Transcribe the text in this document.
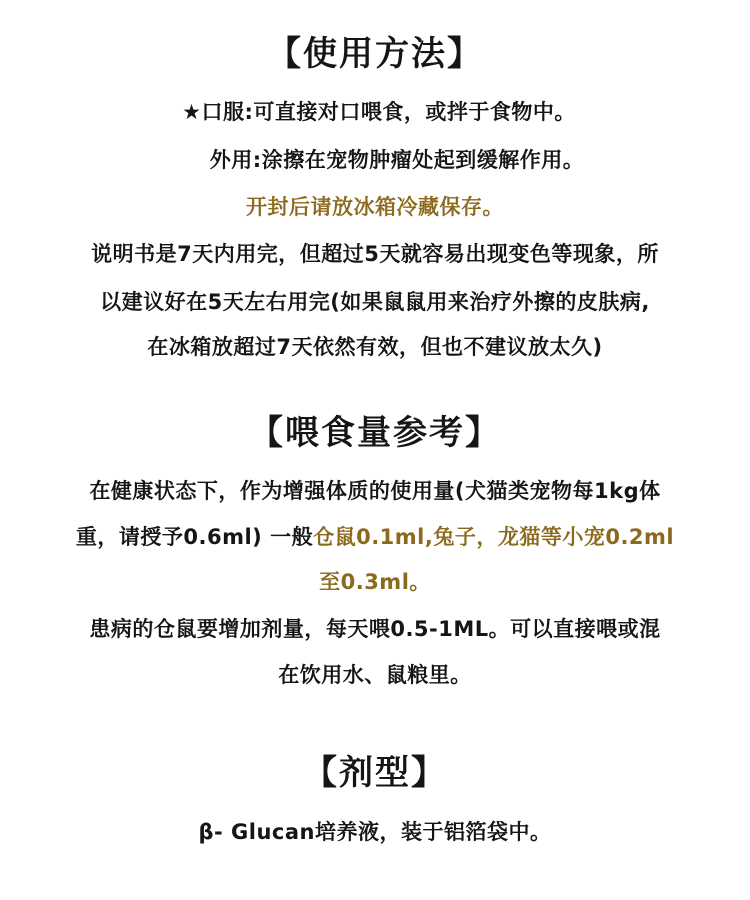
【使用方法】
★口服:可直接对口喂食，或拌于食物中。
外用:涂擦在宠物肿瘤处起到缓解作用。
开封后请放冰箱冷藏保存。
说明书是7天内用完，但超过5天就容易出现变色等现象，所
以建议好在5天左右用完(如果鼠鼠用来治疗外擦的皮肤病,
在冰箱放超过7天依然有效，但也不建议放太久)
【喂食量参考】
在健康状态下，作为增强体质的使用量(犬猫类宠物每1kg体
重，请授予0.6ml) 一般仓鼠0.1ml,兔子，龙猫等小宠0.2ml
至0.3ml。
患病的仓鼠要增加剂量，每天喂0.5-1ML。可以直接喂或混
在饮用水、鼠粮里。
【剂型】
β- Glucan培养液，装于铝箔袋中。
